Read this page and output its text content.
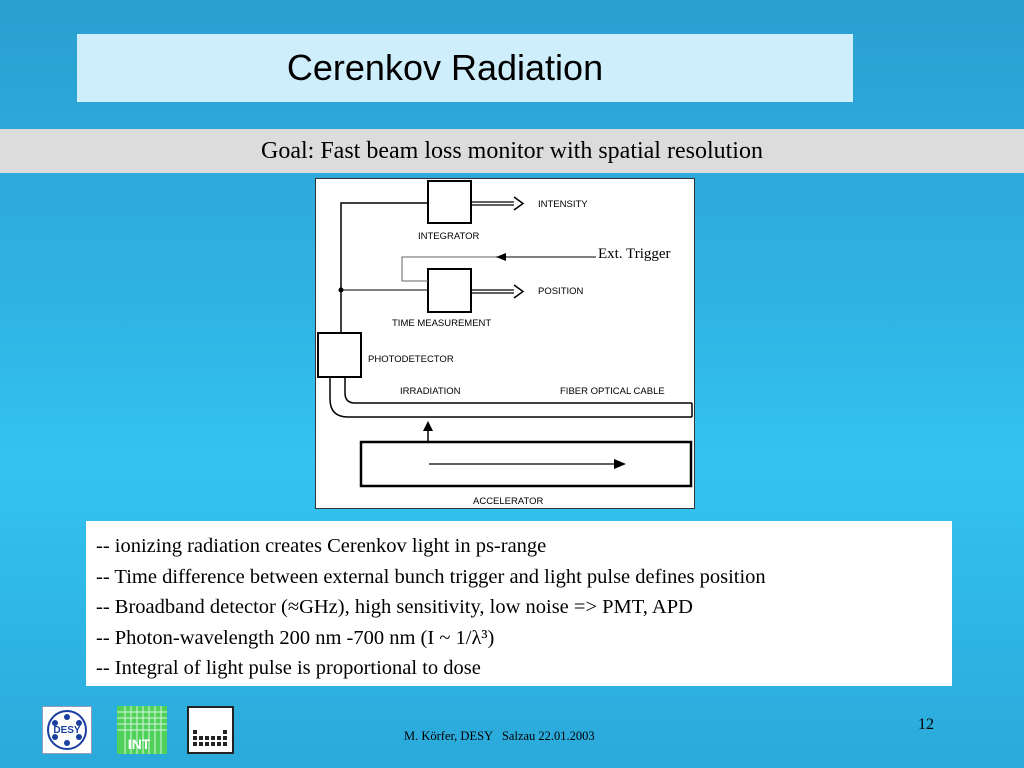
Cerenkov Radiation
Goal: Fast beam loss monitor with spatial resolution
INTENSITY
INTEGRATOR
POSITION
TIME MEASUREMENT
PHOTODETECTOR
IRRADIATION	FIBER OPTICAL CABLE
ACCELERATOR
Ext. Trigger
-- ionizing radiation creates Cerenkov light in ps-range
-- Time difference between external bunch trigger and light pulse defines position
-- Broadband detector (≈GHz), high sensitivity, low noise => PMT, APD
-- Photon-wavelength 200 nm -700 nm (I ~ 1/λ³)
-- Integral of light pulse is proportional to dose
DESY
INT	M. Körfer, DESY   Salzau 22.01.2003
12
